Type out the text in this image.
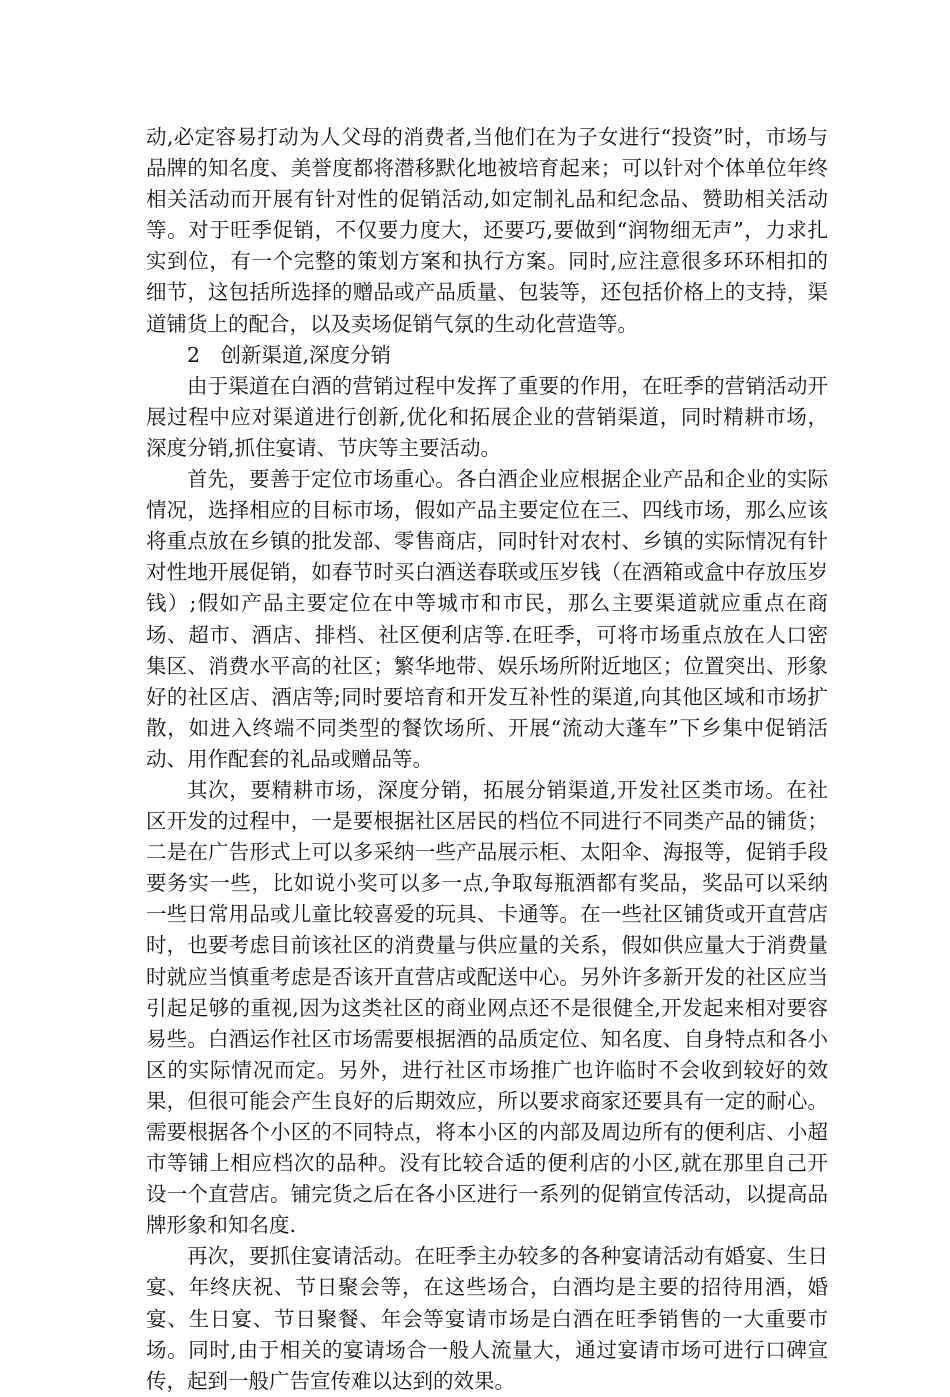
动,必定容易打动为人父母的消费者,当他们在为子女进行“投资”时，市场与品牌的知名度、美誉度都将潜移默化地被培育起来；可以针对个体单位年终相关活动而开展有针对性的促销活动,如定制礼品和纪念品、赞助相关活动等。对于旺季促销，不仅要力度大，还要巧,要做到“润物细无声”，力求扎实到位，有一个完整的策划方案和执行方案。同时,应注意很多环环相扣的细节，这包括所选择的赠品或产品质量、包装等，还包括价格上的支持，渠道铺货上的配合，以及卖场促销气氛的生动化营造等。

2　创新渠道,深度分销

由于渠道在白酒的营销过程中发挥了重要的作用，在旺季的营销活动开展过程中应对渠道进行创新,优化和拓展企业的营销渠道，同时精耕市场，深度分销,抓住宴请、节庆等主要活动。

首先，要善于定位市场重心。各白酒企业应根据企业产品和企业的实际情况，选择相应的目标市场，假如产品主要定位在三、四线市场，那么应该将重点放在乡镇的批发部、零售商店，同时针对农村、乡镇的实际情况有针对性地开展促销，如春节时买白酒送春联或压岁钱（在酒箱或盒中存放压岁钱）;假如产品主要定位在中等城市和市民，那么主要渠道就应重点在商场、超市、酒店、排档、社区便利店等.在旺季，可将市场重点放在人口密集区、消费水平高的社区；繁华地带、娱乐场所附近地区；位置突出、形象好的社区店、酒店等;同时要培育和开发互补性的渠道,向其他区域和市场扩散，如进入终端不同类型的餐饮场所、开展“流动大蓬车”下乡集中促销活动、用作配套的礼品或赠品等。

其次，要精耕市场，深度分销，拓展分销渠道,开发社区类市场。在社区开发的过程中，一是要根据社区居民的档位不同进行不同类产品的铺货；二是在广告形式上可以多采纳一些产品展示柜、太阳伞、海报等，促销手段要务实一些，比如说小奖可以多一点,争取每瓶酒都有奖品，奖品可以采纳一些日常用品或儿童比较喜爱的玩具、卡通等。在一些社区铺货或开直营店时，也要考虑目前该社区的消费量与供应量的关系，假如供应量大于消费量时就应当慎重考虑是否该开直营店或配送中心。另外许多新开发的社区应当引起足够的重视,因为这类社区的商业网点还不是很健全,开发起来相对要容易些。白酒运作社区市场需要根据酒的品质定位、知名度、自身特点和各小区的实际情况而定。另外，进行社区市场推广也许临时不会收到较好的效果，但很可能会产生良好的后期效应，所以要求商家还要具有一定的耐心。需要根据各个小区的不同特点，将本小区的内部及周边所有的便利店、小超市等铺上相应档次的品种。没有比较合适的便利店的小区,就在那里自己开设一个直营店。铺完货之后在各小区进行一系列的促销宣传活动，以提高品牌形象和知名度.

再次，要抓住宴请活动。在旺季主办较多的各种宴请活动有婚宴、生日宴、年终庆祝、节日聚会等，在这些场合，白酒均是主要的招待用酒，婚宴、生日宴、节日聚餐、年会等宴请市场是白酒在旺季销售的一大重要市场。同时,由于相关的宴请场合一般人流量大，通过宴请市场可进行口碑宣传，起到一般广告宣传难以达到的效果。
